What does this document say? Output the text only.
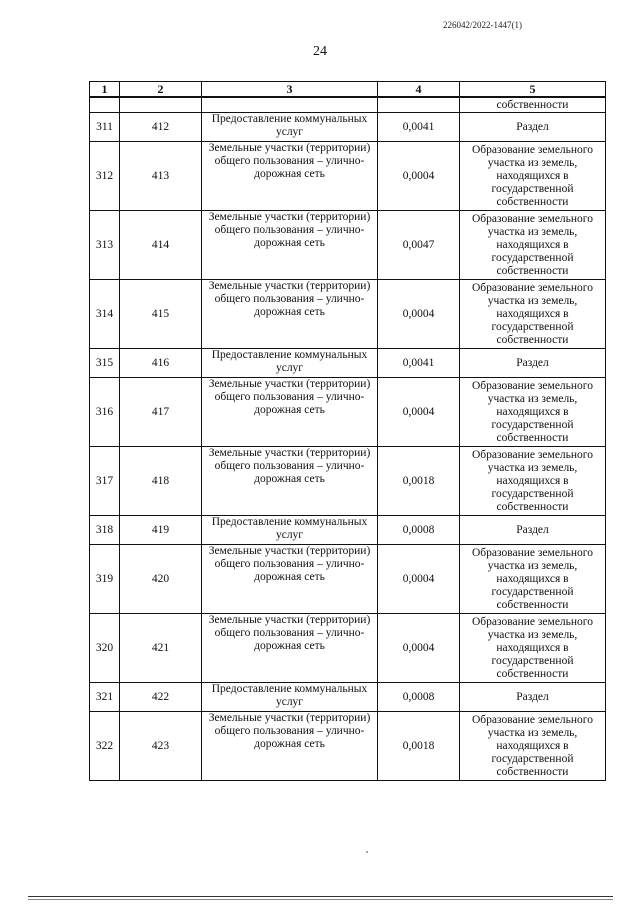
226042/2022-1447(1)
24
1	2	3	4	5
				собственности
311	412	Предоставление коммунальных услуг	0,0041	Раздел
312	413	Земельные участки (территории) общего пользования – улично-дорожная сеть	0,0004	Образование земельного участка из земель, находящихся в государственной собственности
313	414	Земельные участки (территории) общего пользования – улично-дорожная сеть	0,0047	Образование земельного участка из земель, находящихся в государственной собственности
314	415	Земельные участки (территории) общего пользования – улично-дорожная сеть	0,0004	Образование земельного участка из земель, находящихся в государственной собственности
315	416	Предоставление коммунальных услуг	0,0041	Раздел
316	417	Земельные участки (территории) общего пользования – улично-дорожная сеть	0,0004	Образование земельного участка из земель, находящихся в государственной собственности
317	418	Земельные участки (территории) общего пользования – улично-дорожная сеть	0,0018	Образование земельного участка из земель, находящихся в государственной собственности
318	419	Предоставление коммунальных услуг	0,0008	Раздел
319	420	Земельные участки (территории) общего пользования – улично-дорожная сеть	0,0004	Образование земельного участка из земель, находящихся в государственной собственности
320	421	Земельные участки (территории) общего пользования – улично-дорожная сеть	0,0004	Образование земельного участка из земель, находящихся в государственной собственности
321	422	Предоставление коммунальных услуг	0,0008	Раздел
322	423	Земельные участки (территории) общего пользования – улично-дорожная сеть	0,0018	Образование земельного участка из земель, находящихся в государственной собственности
